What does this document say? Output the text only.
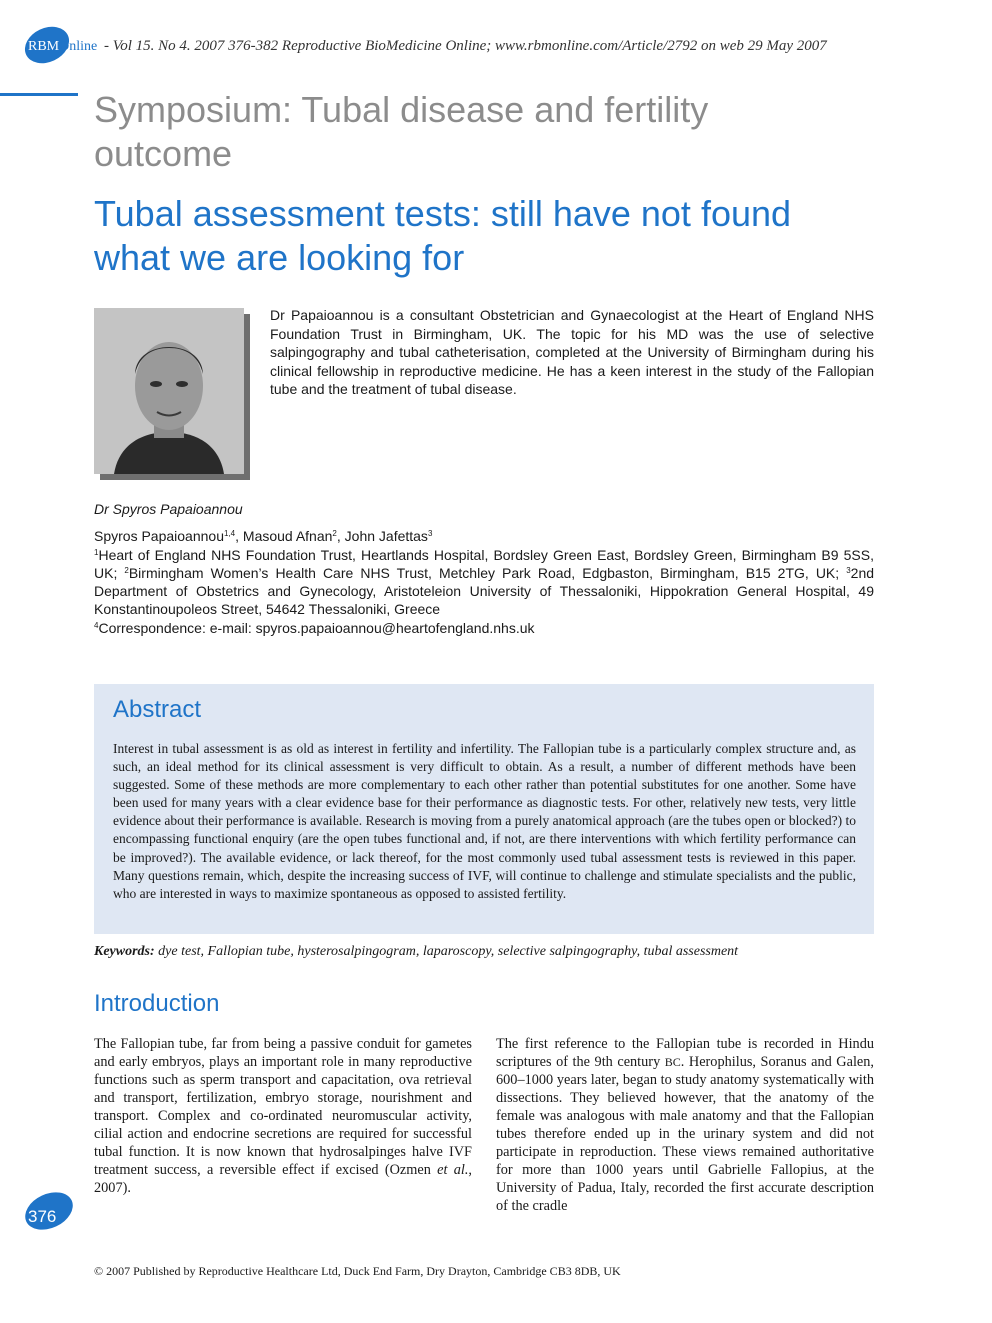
RBMOnline - Vol 15. No 4. 2007 376-382 Reproductive BioMedicine Online; www.rbmonline.com/Article/2792 on web 29 May 2007
Symposium: Tubal disease and fertility outcome
Tubal assessment tests: still have not found what we are looking for

Dr Papaioannou is a consultant Obstetrician and Gynaecologist at the Heart of England NHS Foundation Trust in Birmingham, UK. The topic for his MD was the use of selective salpingography and tubal catheterisation, completed at the University of Birmingham during his clinical fellowship in reproductive medicine. He has a keen interest in the study of the Fallopian tube and the treatment of tubal disease.

Dr Spyros Papaioannou
Spyros Papaioannou$^{1,4}$, Masoud Afnan$^2$, John Jafettas$^3$

$^1$Heart of England NHS Foundation Trust, Heartlands Hospital, Bordsley Green East, Bordsley Green, Birmingham B9 5SS, UK; $^2$Birmingham Women’s Health Care NHS Trust, Metchley Park Road, Edgbaston, Birmingham, B15 2TG, UK; $^3$2nd Department of Obstetrics and Gynecology, Aristoteleion University of Thessaloniki, Hippokration General Hospital, 49 Konstantinoupoleos Street, 54642 Thessaloniki, Greece

$^4$Correspondence: e-mail: spyros.papaioannou@heartofengland.nhs.uk
Abstract

Interest in tubal assessment is as old as interest in fertility and infertility. The Fallopian tube is a particularly complex structure and, as such, an ideal method for its clinical assessment is very difficult to obtain. As a result, a number of different methods have been suggested. Some of these methods are more complementary to each other rather than potential substitutes for one another. Some have been used for many years with a clear evidence base for their performance as diagnostic tests. For other, relatively new tests, very little evidence about their performance is available. Research is moving from a purely anatomical approach (are the tubes open or blocked?) to encompassing functional enquiry (are the open tubes functional and, if not, are there interventions with which fertility performance can be improved?). The available evidence, or lack thereof, for the most commonly used tubal assessment tests is reviewed in this paper. Many questions remain, which, despite the increasing success of IVF, will continue to challenge and stimulate specialists and the public, who are interested in ways to maximize spontaneous as opposed to assisted fertility.

Keywords: dye test, Fallopian tube, hysterosalpingogram, laparoscopy, selective salpingography, tubal assessment
Introduction

The Fallopian tube, far from being a passive conduit for gametes and early embryos, plays an important role in many reproductive functions such as sperm transport and capacitation, ova retrieval and transport, fertilization, embryo storage, nourishment and transport. Complex and co-ordinated neuromuscular activity, cilial action and endocrine secretions are required for successful tubal function. It is now known that hydrosalpinges halve IVF treatment success, a reversible effect if excised (Ozmen et al., 2007).

The first reference to the Fallopian tube is recorded in Hindu scriptures of the 9th century BC. Herophilus, Soranus and Galen, 600–1000 years later, began to study anatomy systematically with dissections. They believed however, that the anatomy of the female was analogous with male anatomy and that the Fallopian tubes therefore ended up in the urinary system and did not participate in reproduction. These views remained authoritative for more than 1000 years until Gabrielle Fallopius, at the University of Padua, Italy, recorded the first accurate description of the cradle

376
© 2007 Published by Reproductive Healthcare Ltd, Duck End Farm, Dry Drayton, Cambridge CB3 8DB, UK
